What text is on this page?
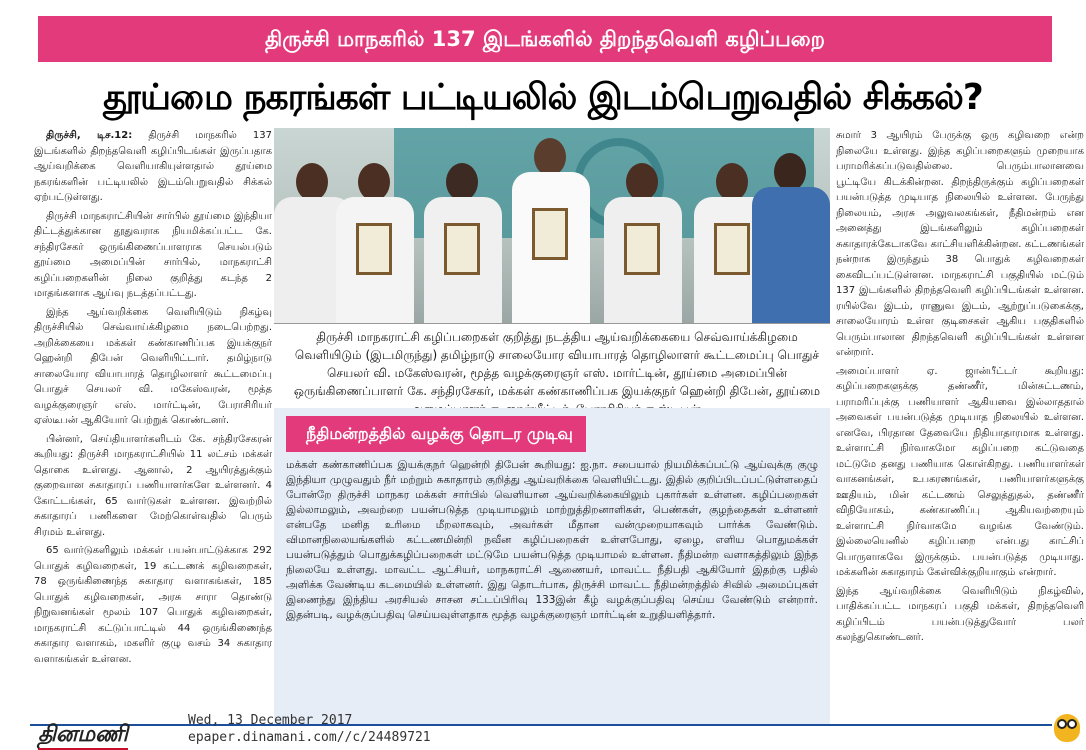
திருச்சி மாநகரில் 137 இடங்களில் திறந்தவெளி கழிப்பறை
தூய்மை நகரங்கள் பட்டியலில் இடம்பெறுவதில் சிக்கல்?

திருச்சி, டிச.12: திருச்சி மாநகரில் 137 இடங்களில் திறந்தவெளி கழிப்பிடங்கள் இருப்பதாக ஆய்வறிக்கை வெளியாகியுள்ளதால் தூய்மை நகரங்களின் பட்டியலில் இடம்பெறுவதில் சிக்கல் ஏற்பட்டுள்ளது.

திருச்சி மாநகராட்சியின் சார்பில் தூய்மை இந்தியா திட்டத்துக்கான தூதுவராக நியமிக்கப்பட்ட கே. சந்திரசேகர் ஒருங்கிணைப்பாளராக செயல்படும் தூய்மை அமைப்பின் சார்பில், மாநகராட்சி கழிப்பறைகளின் நிலை குறித்து கடந்த 2 மாதங்களாக ஆய்வு நடத்தப்பட்டது.

இந்த ஆய்வறிக்கை வெளியிடும் நிகழ்வு திருச்சியில் செவ்வாய்க்கிழமை நடைபெற்றது. அறிக்கையை மக்கள் கண்காணிப்பக இயக்குநர் ஹென்றி திபேன் வெளியிட்டார். தமிழ்நாடு சாலையோர வியாபாரத் தொழிலாளர் கூட்டமைப்பு பொதுச் செயலர் வி. மகேஸ்வரன், மூத்த வழக்குரைஞர் எஸ். மார்ட்டின், பேராசிரியர் ஏஸ்டீபன் ஆகியோர் பெற்றுக் கொண்டனர்.

பின்னர், செய்தியாளர்களிடம் கே. சந்திரசேகரன் கூறியது: திருச்சி மாநகராட்சியில் 11 லட்சம் மக்கள் தொகை உள்ளது. ஆனால், 2 ஆயிரத்துக்கும் குறைவான சுகாதாரப் பணியாளர்களே உள்ளனர். 4 கோட்டங்கள், 65 வார்டுகள் உள்ளன. இவற்றில் சுகாதாரப் பணிகளை மேற்கொள்வதில் பெரும் சிரமம் உள்ளது.

65 வார்டுகளிலும் மக்கள் பயன்பாட்டுக்காக 292 பொதுக் கழிவறைகள், 19 கட்டணக் கழிவறைகள், 78 ஒருங்கிணைந்த சுகாதார வளாகங்கள், 185 பொதுக் கழிவறைகள், அரசு சாரா தொண்டு நிறுவனங்கள் மூலம் 107 பொதுக் கழிவறைகள், மாநகராட்சி கட்டுப்பாட்டில் 44 ஒருங்கிணைந்த சுகாதார வளாகம், மகளிர் குழு வசம் 34 சுகாதார வளாகங்கள் உள்ளன.

திருச்சி மாநகராட்சி கழிப்பறைகள் குறித்து நடத்திய ஆய்வறிக்கையை செவ்வாய்க்கிழமை வெளியிடும் (இடமிருந்து) தமிழ்நாடு சாலையோர வியாபாரத் தொழிலாளர் கூட்டமைப்பு பொதுச் செயலர் வி. மகேஸ்வரன், மூத்த வழக்குரைஞர் எஸ். மார்ட்டின், தூய்மை அமைப்பின் ஒருங்கிணைப்பாளர் கே. சந்திரசேகர், மக்கள் கண்காணிப்பக இயக்குநர் ஹென்றி திபேன், தூய்மை
நீதிமன்றத்தில் வழக்கு தொடர முடிவு
மக்கள் கண்காணிப்பக இயக்குநர் ஹென்றி திபேன் கூறியது: ஐ.நா. சபையால் நியமிக்கப்பட்டு ஆய்வுக்கு குழு இந்தியா முழுவதும் நீர் மற்றும் சுகாதாரம் குறித்து ஆய்வறிக்கை வெளியிட்டது. இதில் குறிப்பிடப்பட்டுள்ளதைப் போன்றே திருச்சி மாநகர மக்கள் சார்பில் வெளியான ஆய்வறிக்கையிலும் புகார்கள் உள்ளன. கழிப்பறைகள் இல்லாமலும், அவற்றை பயன்படுத்த முடியாமலும் மாற்றுத்திறனாளிகள், பெண்கள், குழந்தைகள் உள்ளனர் என்பதே மனித உரிமை மீறலாகவும், அவர்கள் மீதான வன்முறையாகவும் பார்க்க வேண்டும். விமானநிலையங்களில் கட்டணமின்றி நவீன கழிப்பறைகள் உள்ளபோது, ஏழை, எளிய பொதுமக்கள் பயன்படுத்தும் பொதுக்கழிப்பறைகள் மட்டுமே பயன்படுத்த முடியாமல் உள்ளன. நீதிமன்ற வளாகத்திலும் இந்த நிலையே உள்ளது. மாவட்ட ஆட்சியர், மாநகராட்சி ஆணையர், மாவட்ட நீதிபதி ஆகியோர் இதற்கு பதில் அளிக்க வேண்டிய கடமையில் உள்ளனர். இது தொடர்பாக, திருச்சி மாவட்ட நீதிமன்றத்தில் சிவில் அமைப்புகள் இணைந்து இந்திய அரசியல் சாசன சட்டப்பிரிவு 133இன் கீழ் வழக்குப்பதிவு செய்ய வேண்டும் என்றார். இதன்படி, வழக்குப்பதிவு செய்யவுள்ளதாக மூத்த வழக்குரைஞர் மார்ட்டின் உறுதியளித்தார்.

சுமார் 3 ஆயிரம் பேருக்கு ஒரு கழிவறை என்ற நிலையே உள்ளது. இந்த கழிப்பறைகளும் முறையாக பராமரிக்கப்படுவதில்லை. பெரும்பாலானவை பூட்டியே கிடக்கின்றன. திறந்திருக்கும் கழிப்பறைகள் பயன்படுத்த முடியாத நிலையில் உள்ளன. பேருந்து நிலையம், அரசு அலுவலகங்கள், நீதிமன்றம் என அனைத்து இடங்களிலும் கழிப்பறைகள் சுகாதாரக்கேடாகவே காட்சியளிக்கின்றன. கட்டணங்கள் நன்றாக இருந்தும் 38 பொதுக் கழிவறைகள் கைவிடப்பட்டுள்ளன. மாநகராட்சி பகுதியில் மட்டும் 137 இடங்களில் திறந்தவெளி கழிப்பிடங்கள் உள்ளன. ரயில்வே இடம், ராணுவ இடம், ஆற்றுப்படுகைக்கு, சாலையோரம் உள்ள குடிசைகள் ஆகிய பகுதிகளில் பெரும்பாலான திறந்தவெளி கழிப்பிடங்கள் உள்ளன என்றார்.

அமைப்பாளர் ஏ. ஜான்பீட்டர் கூறியது: கழிப்பறைகளுக்கு தண்ணீர், மின்சுட்டணம், பராமரிப்புக்கு பணியாளர் ஆகியவை இல்லாததால் அவைகள் பயன்படுத்த முடியாத நிலையில் உள்ளன. எனவே, பிரதான தேவையே நிதியாதாரமாக உள்ளது. உள்ளாட்சி நிர்வாகமோ கழிப்பறை கட்டுவதை மட்டுமே தனது பணியாக கொள்கிறது. பணியாளர்கள் வாகனங்கள், உபகரணங்கள், பணியாளர்களுக்கு ஊதியம், மின் கட்டணம் செலுத்துதல், தண்ணீர் விநியோகம், கண்காணிப்பு ஆகியவற்றையும் உள்ளாட்சி நிர்வாகமே வழங்க வேண்டும். இல்லையெனில் கழிப்பறை என்பது காட்சிப் பொருளாகவே இருக்கும். பயன்படுத்த முடியாது. மக்களின் சுகாதாரம் கேள்விக்குறியாகும் என்றார்.

இந்த ஆய்வறிக்கை வெளியிடும் நிகழ்வில், பாதிக்கப்பட்ட மாநகரப் பகுதி மக்கள், திறந்தவெளி கழிப்பிடம் பயன்படுத்துவோர் பலர் கலந்துகொண்டனர்.

தினமணி
Wed, 13 December 2017
epaper.dinamani.com//c/24489721
